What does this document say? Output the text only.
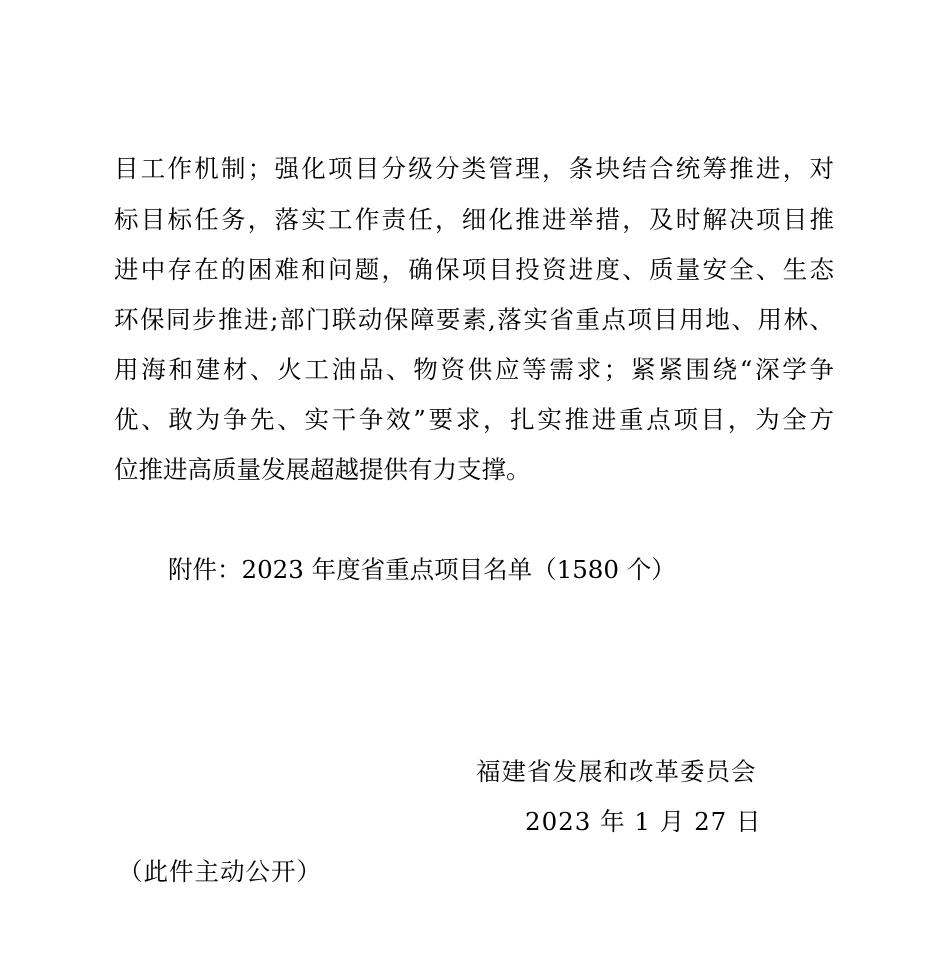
目工作机制；强化项目分级分类管理，条块结合统筹推进，对
标目标任务，落实工作责任，细化推进举措，及时解决项目推
进中存在的困难和问题，确保项目投资进度、质量安全、生态
环保同步推进;部门联动保障要素,落实省重点项目用地、用林、
用海和建材、火工油品、物资供应等需求；紧紧围绕“深学争
优、敢为争先、实干争效”要求，扎实推进重点项目，为全方
位推进高质量发展超越提供有力支撑。
附件：2023 年度省重点项目名单（1580 个）
福建省发展和改革委员会
2023 年 1 月 27 日
（此件主动公开）
